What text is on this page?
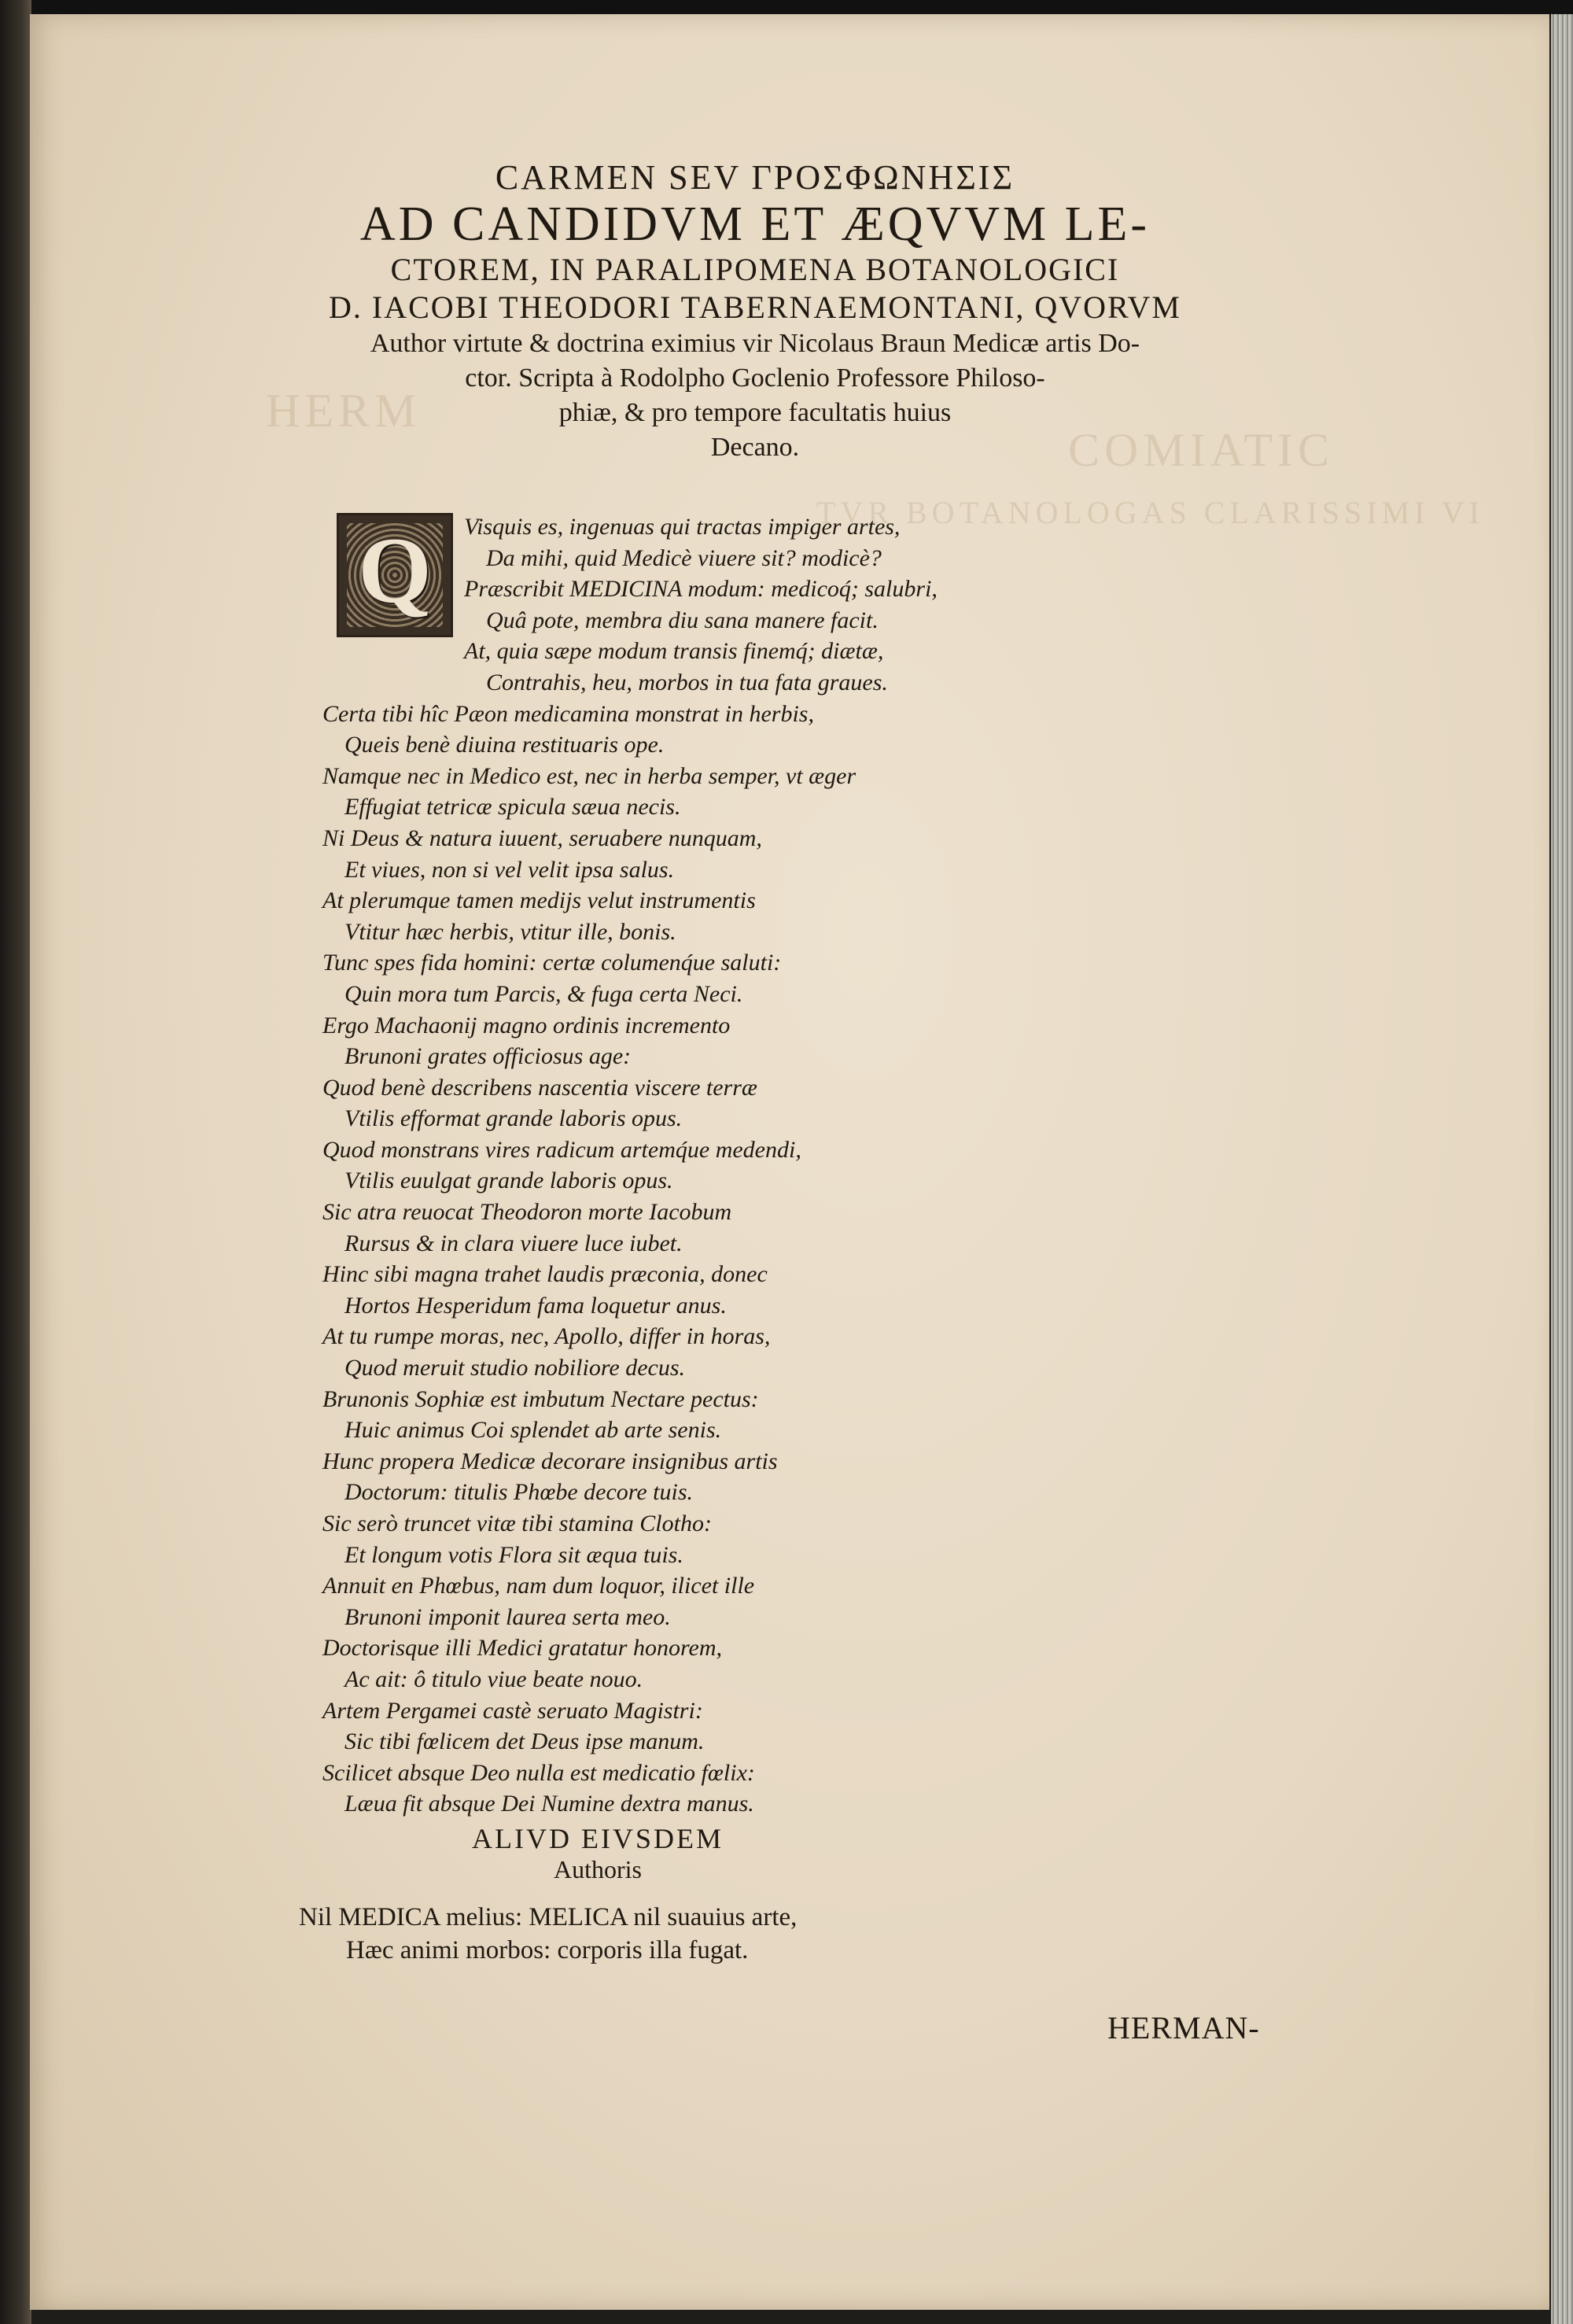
HERM
COMIATIC
TVR BOTANOLOGAS CLARISSIMI VI
CARMEN SEV ΓΡΟΣΦΩΝΗΣΙΣ
AD CANDIDVM ET ÆQVVM LE-
CTOREM, IN PARALIPOMENA BOTANOLOGICI
D. IACOBI THEODORI TABERNAEMONTANI, QVORVM
Author virtute & doctrina eximius vir Nicolaus Braun Medicæ artis Do-
ctor. Scripta à Rodolpho Goclenio Professore Philoso-
phiæ, & pro tempore facultatis huius
Decano.
Q	Visquis es, ingenuas qui tractas impiger artes,
Da mihi, quid Medicè viuere sit? modicè?
Præscribit MEDICINA modum: medicoq́; salubri,
Quâ pote, membra diu sana manere facit.
At, quia sæpe modum transis finemq́; diætæ,
Contrahis, heu, morbos in tua fata graues.
Certa tibi hîc Pæon medicamina monstrat in herbis,
Queis benè diuina restituaris ope.
Namque nec in Medico est, nec in herba semper, vt æger
Effugiat tetricæ spicula sæua necis.
Ni Deus & natura iuuent, seruabere nunquam,
Et viues, non si vel velit ipsa salus.
At plerumque tamen medijs velut instrumentis
Vtitur hæc herbis, vtitur ille, bonis.
Tunc spes fida homini: certæ columenq́ue saluti:
Quin mora tum Parcis, & fuga certa Neci.
Ergo Machaonij magno ordinis incremento
Brunoni grates officiosus age:
Quod benè describens nascentia viscere terræ
Vtilis efformat grande laboris opus.
Quod monstrans vires radicum artemq́ue medendi,
Vtilis euulgat grande laboris opus.
Sic atra reuocat Theodoron morte Iacobum
Rursus & in clara viuere luce iubet.
Hinc sibi magna trahet laudis præconia, donec
Hortos Hesperidum fama loquetur anus.
At tu rumpe moras, nec, Apollo, differ in horas,
Quod meruit studio nobiliore decus.
Brunonis Sophiæ est imbutum Nectare pectus:
Huic animus Coi splendet ab arte senis.
Hunc propera Medicæ decorare insignibus artis
Doctorum: titulis Phœbe decore tuis.
Sic serò truncet vitæ tibi stamina Clotho:
Et longum votis Flora sit æqua tuis.
Annuit en Phœbus, nam dum loquor, ilicet ille
Brunoni imponit laurea serta meo.
Doctorisque illi Medici gratatur honorem,
Ac ait: ô titulo viue beate nouo.
Artem Pergamei castè seruato Magistri:
Sic tibi fœlicem det Deus ipse manum.
Scilicet absque Deo nulla est medicatio fœlix:
Læua fit absque Dei Numine dextra manus.
ALIVD EIVSDEM
Authoris
Nil MEDICA melius: MELICA nil suauius arte,
Hæc animi morbos: corporis illa fugat.
HERMAN-
